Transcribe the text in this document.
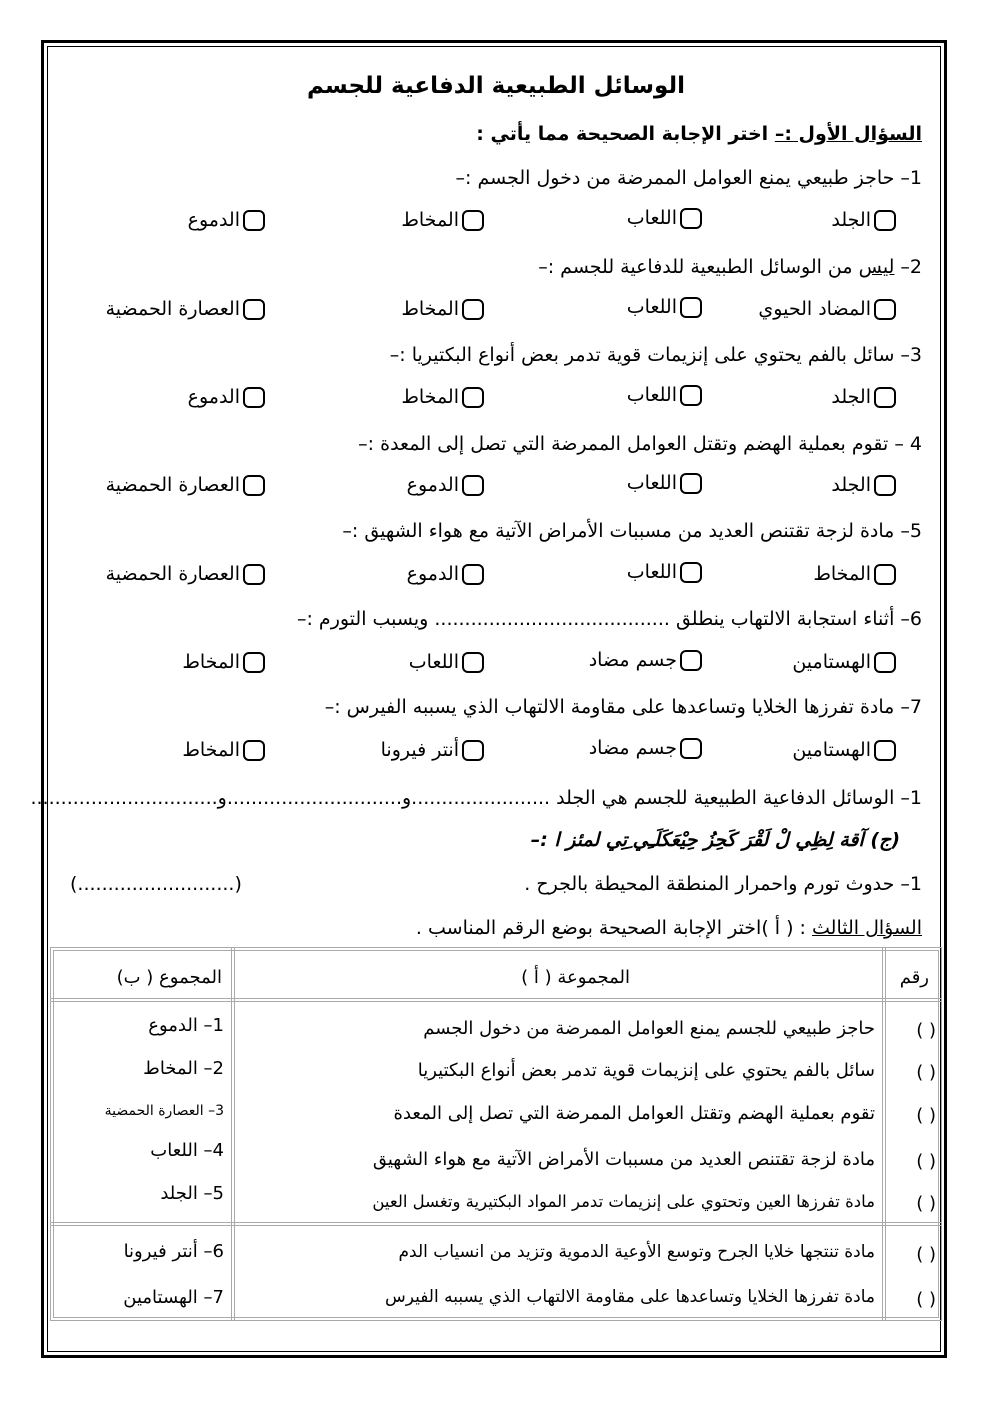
الوسائل الطبيعية الدفاعية للجسم
السؤال الأول :– اختر الإجابة الصحيحة مما يأتي :
1– حاجز طبيعي يمنع العوامل الممرضة من دخول الجسم :–
2– ليس من الوسائل الطبيعية للدفاعية للجسم :–
3– سائل بالفم يحتوي على إنزيمات قوية تدمر بعض أنواع البكتيريا :–
4 – تقوم بعملية الهضم وتقتل العوامل الممرضة التي تصل إلى المعدة :–
5– مادة لزجة تقتنص العديد من مسببات الأمراض الآتية مع هواء الشهيق :–
6– أثناء استجابة الالتهاب ينطلق ....................................... ويسبب التورم :–
7– مادة تفرزها الخلايا وتساعدها على مقاومة الالتهاب الذي يسببه الفيرس :–
الجلد
اللعاب
المخاط
الدموع
المضاد الحيوي
اللعاب
المخاط
العصارة الحمضية
الجلد
اللعاب
المخاط
الدموع
الجلد
اللعاب
الدموع
العصارة الحمضية
المخاط
اللعاب
الدموع
العصارة الحمضية
الهستامين
جسم مضاد
اللعاب
المخاط
الهستامين
جسم مضاد
أنتر فيرونا
المخاط
1– الوسائل الدفاعية الطبيعية للجسم هي الجلد .......................و.............................و...............................
(ج) آقة لِظِي لْ لَقْرَ كَحِزُ حِيْعَكَلَـِي ِتِي لمئز ا :–
1– حدوث تورم واحمرار المنطقة المحيطة بالجرح .
(..........................)
السؤال الثالث : ( أ )اختر الإجابة الصحيحة بوضع الرقم المناسب .
رقم
المجموعة ( أ )
المجموع ( ب)
( )
( )
( )
( )
( )
( )
( )
حاجز طبيعي للجسم يمنع العوامل الممرضة من دخول الجسم
سائل بالفم يحتوي على إنزيمات قوية تدمر بعض أنواع البكتيريا
تقوم بعملية الهضم وتقتل العوامل الممرضة التي تصل إلى المعدة
مادة لزجة تقتنص العديد من مسببات الأمراض الآتية مع هواء الشهيق
مادة تفرزها العين وتحتوي على إنزيمات تدمر المواد البكتيرية وتغسل العين
مادة تنتجها خلايا الجرح وتوسع الأوعية الدموية وتزيد من انسياب الدم
مادة تفرزها الخلايا وتساعدها على مقاومة الالتهاب الذي يسببه الفيرس
1– الدموع
2– المخاط
3– العصارة الحمضية
4– اللعاب
5– الجلد
6– أنتر فيرونا
7– الهستامين
